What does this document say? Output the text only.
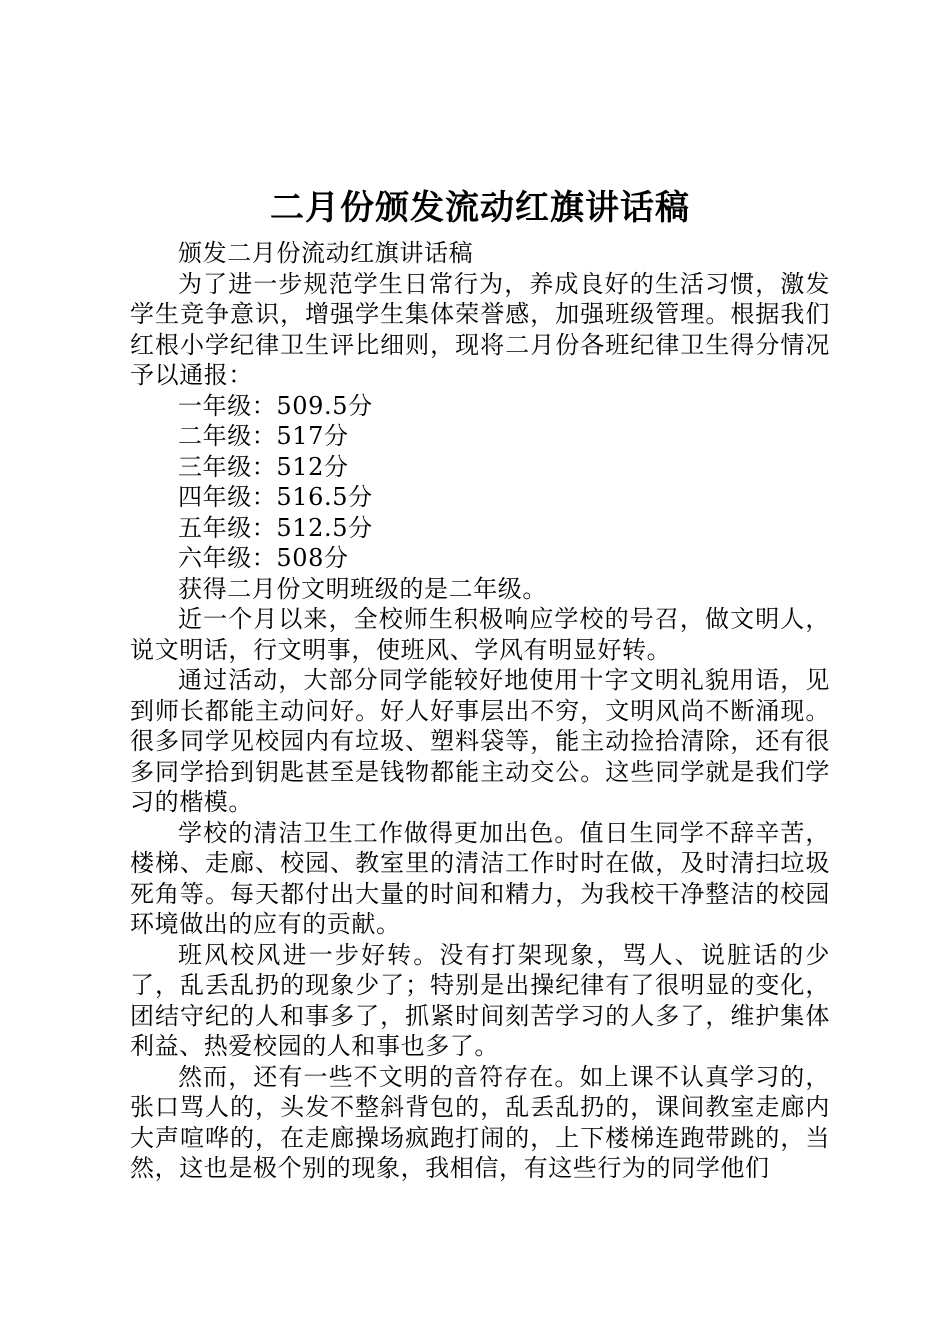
二月份颁发流动红旗讲话稿

颁发二月份流动红旗讲话稿

为了进一步规范学生日常行为，养成良好的生活习惯，激发学生竞争意识，增强学生集体荣誉感，加强班级管理。根据我们红根小学纪律卫生评比细则，现将二月份各班纪律卫生得分情况予以通报：

一年级：509.5分

二年级：517分

三年级：512分

四年级：516.5分

五年级：512.5分

六年级：508分

获得二月份文明班级的是二年级。

近一个月以来，全校师生积极响应学校的号召，做文明人，说文明话，行文明事，使班风、学风有明显好转。

通过活动，大部分同学能较好地使用十字文明礼貌用语，见到师长都能主动问好。好人好事层出不穷，文明风尚不断涌现。很多同学见校园内有垃圾、塑料袋等，能主动捡拾清除，还有很多同学拾到钥匙甚至是钱物都能主动交公。这些同学就是我们学习的楷模。

学校的清洁卫生工作做得更加出色。值日生同学不辞辛苦，楼梯、走廊、校园、教室里的清洁工作时时在做，及时清扫垃圾死角等。每天都付出大量的时间和精力，为我校干净整洁的校园环境做出的应有的贡献。

班风校风进一步好转。没有打架现象，骂人、说脏话的少了，乱丢乱扔的现象少了；特别是出操纪律有了很明显的变化，团结守纪的人和事多了，抓紧时间刻苦学习的人多了，维护集体利益、热爱校园的人和事也多了。

然而，还有一些不文明的音符存在。如上课不认真学习的，张口骂人的，头发不整斜背包的，乱丢乱扔的，课间教室走廊内大声喧哗的，在走廊操场疯跑打闹的，上下楼梯连跑带跳的，当然，这也是极个别的现象，我相信，有这些行为的同学他们
